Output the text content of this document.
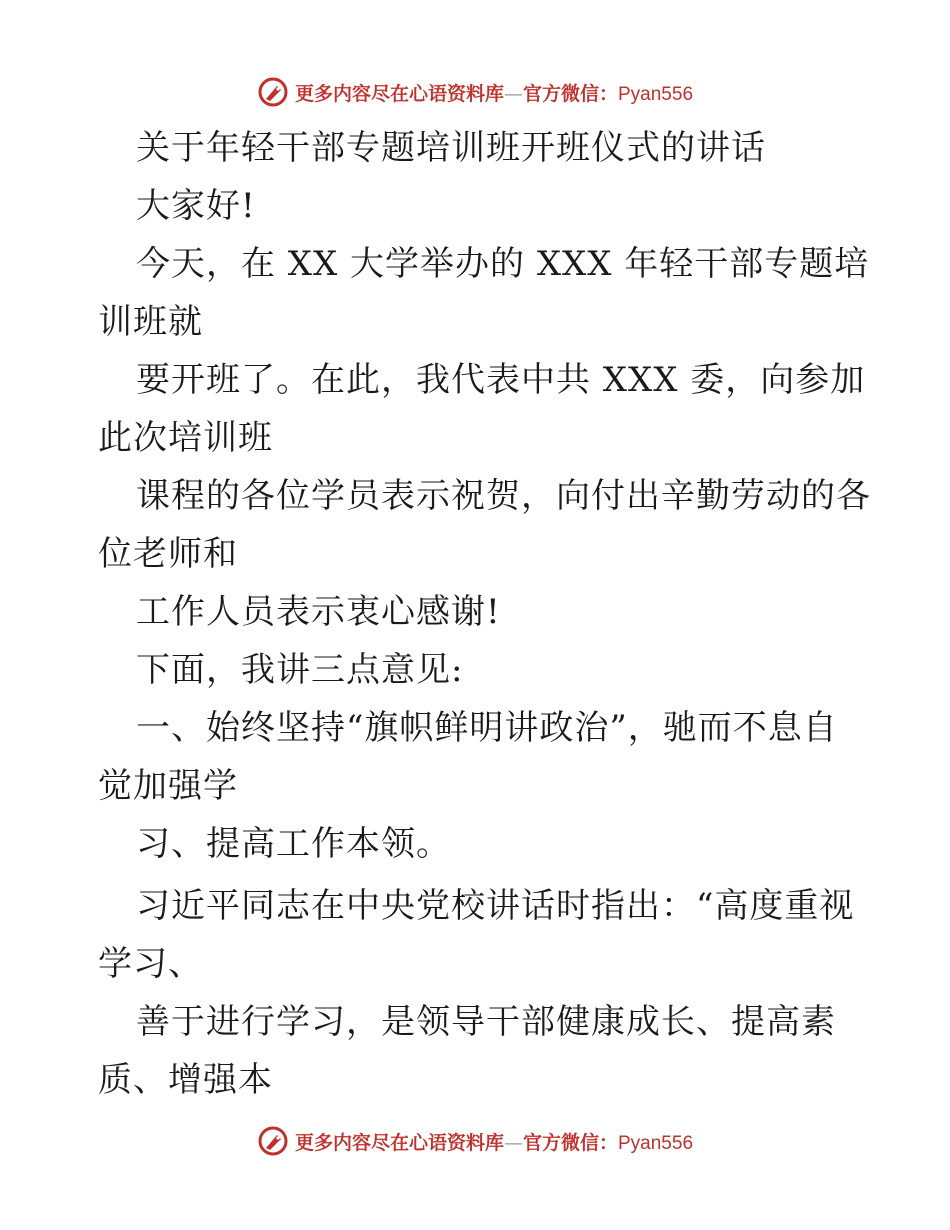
更多内容尽在心语资料库—官方微信：Pyan556
关于年轻干部专题培训班开班仪式的讲话
大家好!
今天，在 XX 大学举办的 XXX 年轻干部专题培
训班就
要开班了。在此，我代表中共 XXX 委，向参加
此次培训班
课程的各位学员表示祝贺，向付出辛勤劳动的各
位老师和
工作人员表示衷心感谢!
下面，我讲三点意见:
一、始终坚持“旗帜鲜明讲政治”，驰而不息自
觉加强学
习、提高工作本领。
习近平同志在中央党校讲话时指出：“高度重视
学习、
善于进行学习，是领导干部健康成长、提高素
质、增强本
更多内容尽在心语资料库—官方微信：Pyan556
